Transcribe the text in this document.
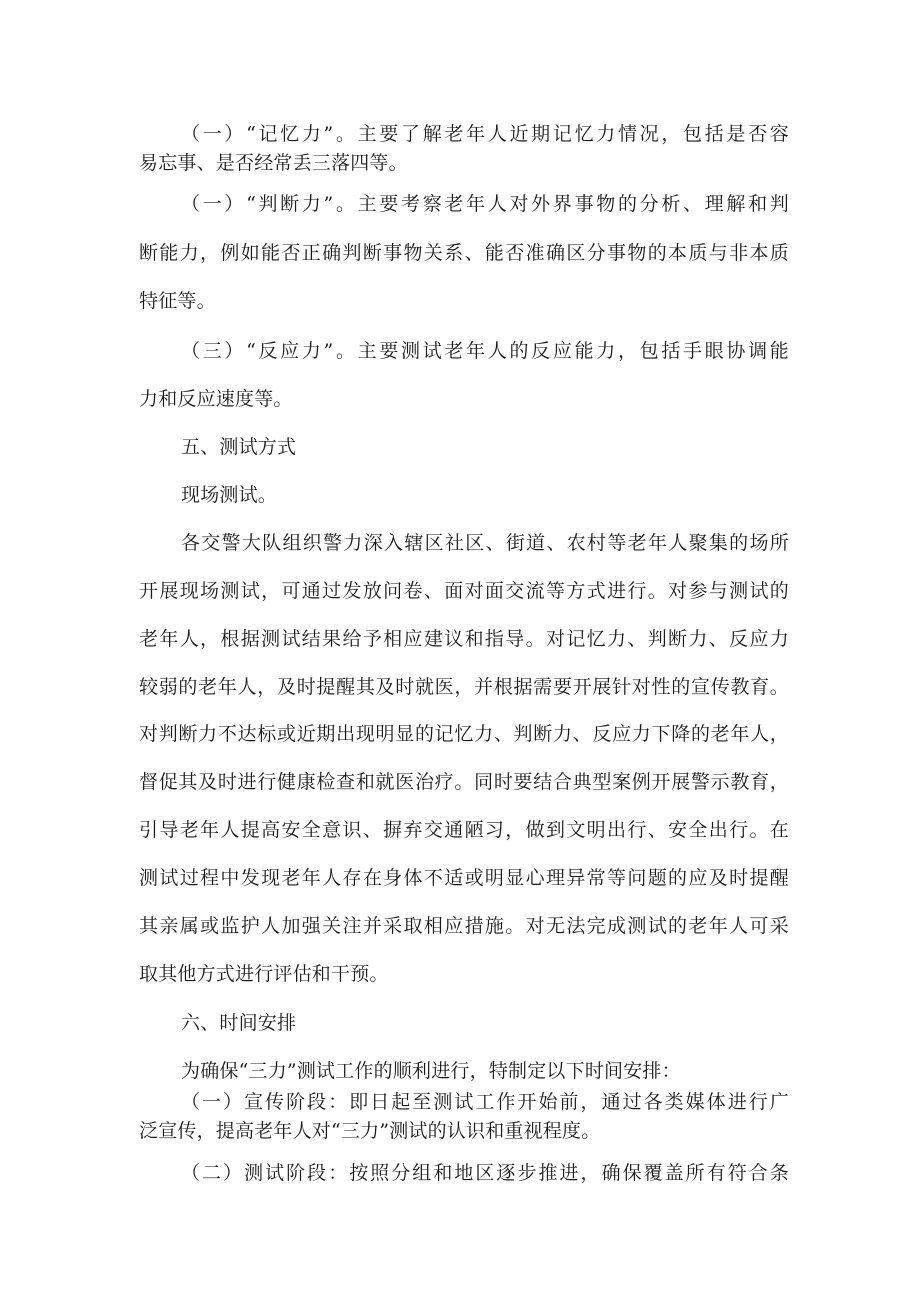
（一）“记忆力”。主要了解老年人近期记忆力情况，包括是否容
易忘事、是否经常丢三落四等。
（一）“判断力”。主要考察老年人对外界事物的分析、理解和判
断能力，例如能否正确判断事物关系、能否准确区分事物的本质与非本质
特征等。
（三）“反应力”。主要测试老年人的反应能力，包括手眼协调能
力和反应速度等。
五、测试方式
现场测试。
各交警大队组织警力深入辖区社区、街道、农村等老年人聚集的场所
开展现场测试，可通过发放问卷、面对面交流等方式进行。对参与测试的
老年人，根据测试结果给予相应建议和指导。对记忆力、判断力、反应力
较弱的老年人，及时提醒其及时就医，并根据需要开展针对性的宣传教育。
对判断力不达标或近期出现明显的记忆力、判断力、反应力下降的老年人，
督促其及时进行健康检查和就医治疗。同时要结合典型案例开展警示教育，
引导老年人提高安全意识、摒弃交通陋习，做到文明出行、安全出行。在
测试过程中发现老年人存在身体不适或明显心理异常等问题的应及时提醒
其亲属或监护人加强关注并采取相应措施。对无法完成测试的老年人可采
取其他方式进行评估和干预。
六、时间安排
为确保“三力”测试工作的顺利进行，特制定以下时间安排：
（一）宣传阶段：即日起至测试工作开始前，通过各类媒体进行广
泛宣传，提高老年人对“三力”测试的认识和重视程度。
（二）测试阶段：按照分组和地区逐步推进，确保覆盖所有符合条
